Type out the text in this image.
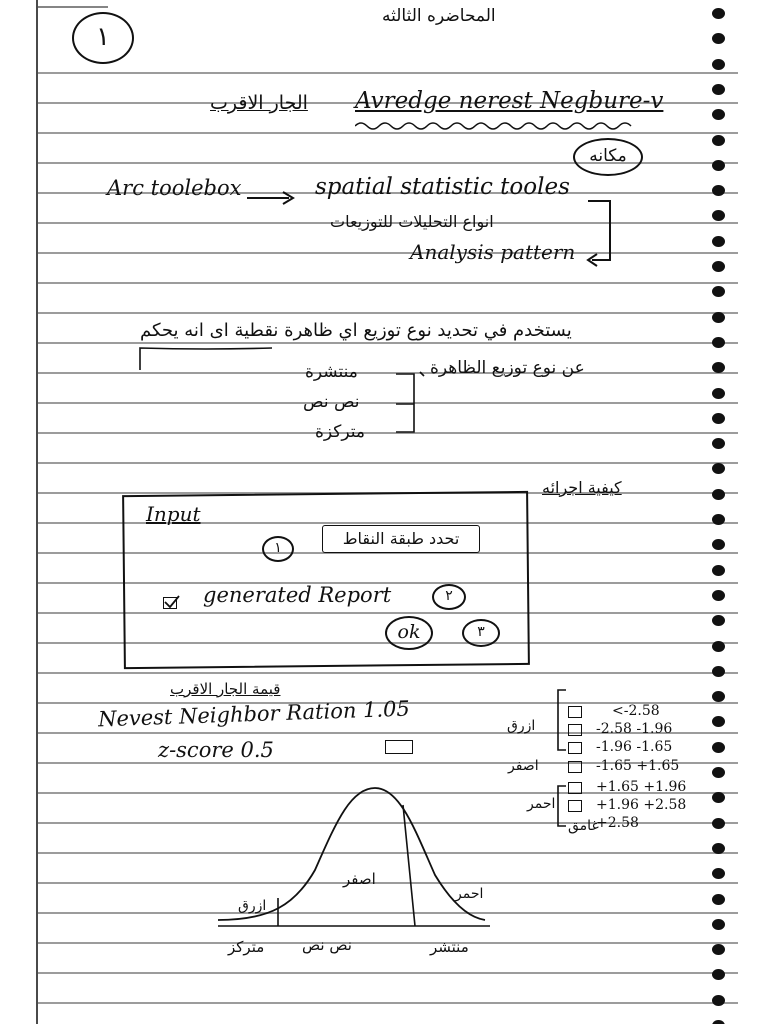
١
المحاضره الثالثه
الجار الاقرب Avredge nerest Negbure-v
مكانه
Arc toolebox	spatial statistic tooles
انواع التحليلات للتوزيعات
Analysis pattern
يستخدم في تحديد نوع توزيع اي ظاهرة نقطية اى انه يحكم
عن نوع توزيع الظاهرة
منتشرة
نص نص
متركزة
كيفية اجرائه
Input
١	تحدد طبقة النقاط
generated Report	٢
ok	٣
قيمة الجار الاقرب
Nevest Neighbor Ration 1.05
z-score 0.5
ازرق
اصفر
احمر
<-2.58
-2.58 -1.96
-1.96 -1.65
-1.65 +1.65
+1.65 +1.96
+1.96 +2.58
+2.58
غامق
ازرق
اصفر
احمر
متركز	نص نص	منتشر
